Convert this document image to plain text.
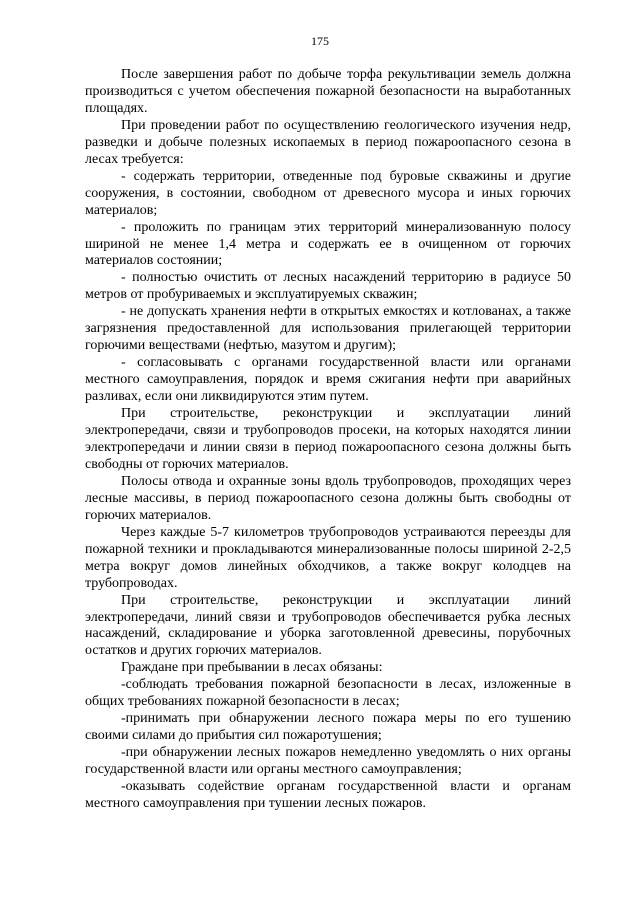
175

После завершения работ по добыче торфа рекультивации земель должна производиться с учетом обеспечения пожарной безопасности на выработанных площадях.

При проведении работ по осуществлению геологического изучения недр, разведки и добыче полезных ископаемых в период пожароопасного сезона в лесах требуется:

- содержать территории, отведенные под буровые скважины и другие сооружения, в состоянии, свободном от древесного мусора и иных горючих материалов;

- проложить по границам этих территорий минерализованную полосу шириной не менее 1,4 метра и содержать ее в очищенном от горючих материалов состоянии;

- полностью очистить от лесных насаждений территорию в радиусе 50 метров от пробуриваемых и эксплуатируемых скважин;

- не допускать хранения нефти в открытых емкостях и котлованах, а также загрязнения предоставленной для использования прилегающей территории горючими веществами (нефтью, мазутом и другим);

- согласовывать с органами государственной власти или органами местного самоуправления, порядок и время сжигания нефти при аварийных разливах, если они ликвидируются этим путем.

При строительстве, реконструкции и эксплуатации линий электропередачи, связи и трубопроводов просеки, на которых находятся линии электропередачи и линии связи в период пожароопасного сезона должны быть свободны от горючих материалов.

Полосы отвода и охранные зоны вдоль трубопроводов, проходящих через лесные массивы, в период пожароопасного сезона должны быть свободны от горючих материалов.

Через каждые 5-7 километров трубопроводов устраиваются переезды для пожарной техники и прокладываются минерализованные полосы шириной 2-2,5 метра вокруг домов линейных обходчиков, а также вокруг колодцев на трубопроводах.

При строительстве, реконструкции и эксплуатации линий электропередачи, линий связи и трубопроводов обеспечивается рубка лесных насаждений, складирование и уборка заготовленной древесины, порубочных остатков и других горючих материалов.

Граждане при пребывании в лесах обязаны:

-соблюдать требования пожарной безопасности в лесах, изложенные в общих требованиях пожарной безопасности в лесах;

-принимать при обнаружении лесного пожара меры по его тушению своими силами до прибытия сил пожаротушения;

-при обнаружении лесных пожаров немедленно уведомлять о них органы государственной власти или органы местного самоуправления;

-оказывать содействие органам государственной власти и органам местного самоуправления при тушении лесных пожаров.
